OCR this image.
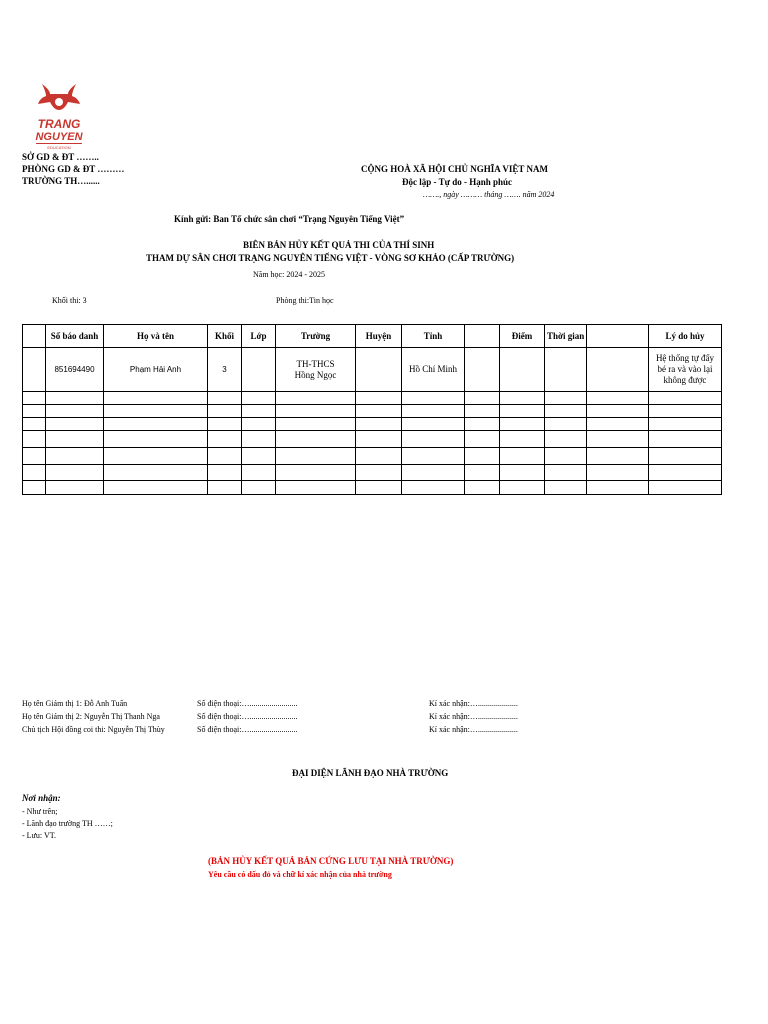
TRANG
NGUYEN
EDUCATION
SỞ GD & ĐT ……..
PHÒNG GD & ĐT ………
TRƯỜNG TH…......
CỘNG HOÀ XÃ HỘI CHỦ NGHĨA VIỆT NAM
Độc lập - Tự do - Hạnh phúc
……., ngày ……… tháng ……. năm 2024
Kính gửi: Ban Tổ chức sân chơi “Trạng Nguyên Tiếng Việt”
BIÊN BẢN HỦY KẾT QUẢ THI CỦA THÍ SINH
THAM DỰ SÂN CHƠI TRẠNG NGUYÊN TIẾNG VIỆT - VÒNG SƠ KHẢO (CẤP TRƯỜNG)
Năm học: 2024 - 2025
Khối thi: 3	Phòng thi:Tin học
	Số báo danh	Họ và tên	Khối	Lớp	Trường	Huyện	Tỉnh		Điểm	Thời gian		Lý do hủy
	851694490	Phạm Hải Anh	3		TH-THCS Hồng Ngọc		Hồ Chí Minh					Hệ thống tự đẩy bé ra và vào lại không được

Họ tên Giám thị 1: Đỗ Anh Tuấn	Số điện thoại:…........................	Kí xác nhận:…....................
Họ tên Giám thị 2: Nguyễn Thị Thanh Nga	Số điện thoại:…........................	Kí xác nhận:…....................
Chủ tịch Hội đồng coi thi: Nguyễn Thị Thùy	Số điện thoại:…........................	Kí xác nhận:…....................
ĐẠI DIỆN LÃNH ĐẠO NHÀ TRƯỜNG
Nơi nhận:
- Như trên;
- Lãnh đạo trường TH ……;
- Lưu: VT.
(BẢN HỦY KẾT QUẢ BẢN CỨNG LƯU TẠI NHÀ TRƯỜNG)
Yêu cầu có dấu đỏ và chữ kí xác nhận của nhà trường
